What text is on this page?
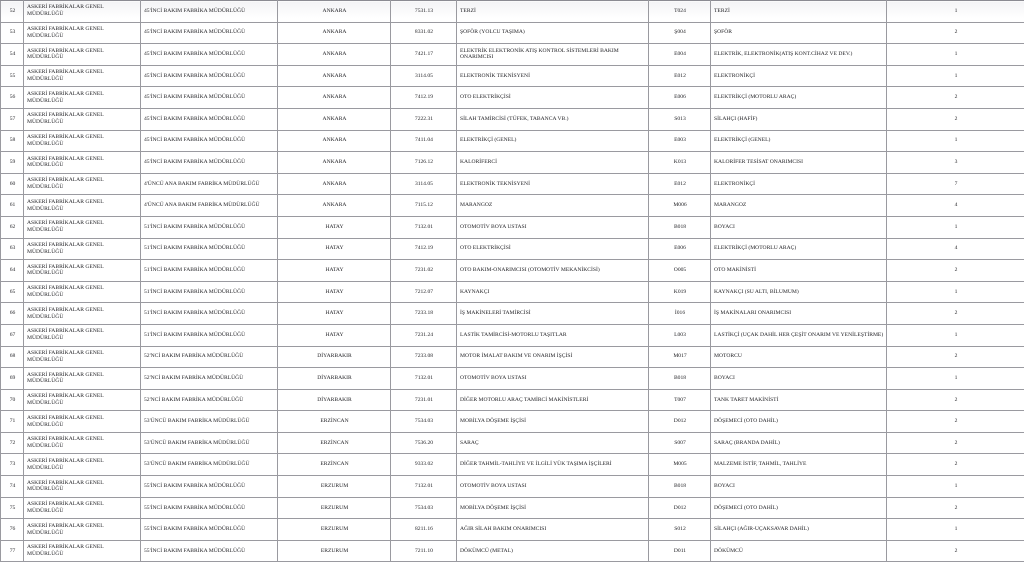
52	ASKERİ FABRİKALAR GENEL MÜDÜRLÜĞÜ	45'İNCİ BAKIM FABRİKA MÜDÜRLÜĞÜ	ANKARA	7531.13	TERZİ	T024	TERZİ	1
53	ASKERİ FABRİKALAR GENEL MÜDÜRLÜĞÜ	45'İNCİ BAKIM FABRİKA MÜDÜRLÜĞÜ	ANKARA	8331.02	ŞOFÖR (YOLCU TAŞIMA)	Ş004	ŞOFÖR	2
54	ASKERİ FABRİKALAR GENEL MÜDÜRLÜĞÜ	45'İNCİ BAKIM FABRİKA MÜDÜRLÜĞÜ	ANKARA	7421.17	ELEKTRİK ELEKTRONİK ATIŞ KONTROL SİSTEMLERİ BAKIM ONARIMCISI	E004	ELEKTRİK, ELEKTRONİK(ATIŞ KONT.CİHAZ VE DEV.)	1
55	ASKERİ FABRİKALAR GENEL MÜDÜRLÜĞÜ	45'İNCİ BAKIM FABRİKA MÜDÜRLÜĞÜ	ANKARA	3114.05	ELEKTRONİK TEKNİSYENİ	E012	ELEKTRONİKÇİ	1
56	ASKERİ FABRİKALAR GENEL MÜDÜRLÜĞÜ	45'İNCİ BAKIM FABRİKA MÜDÜRLÜĞÜ	ANKARA	7412.19	OTO ELEKTRİKÇİSİ	E006	ELEKTRİKÇİ (MOTORLU ARAÇ)	2
57	ASKERİ FABRİKALAR GENEL MÜDÜRLÜĞÜ	45'İNCİ BAKIM FABRİKA MÜDÜRLÜĞÜ	ANKARA	7222.31	SİLAH TAMİRCİSİ (TÜFEK, TABANCA VB.)	S013	SİLAHÇI (HAFİF)	2
58	ASKERİ FABRİKALAR GENEL MÜDÜRLÜĞÜ	45'İNCİ BAKIM FABRİKA MÜDÜRLÜĞÜ	ANKARA	7411.04	ELEKTRİKÇİ (GENEL)	E003	ELEKTRİKÇİ (GENEL)	1
59	ASKERİ FABRİKALAR GENEL MÜDÜRLÜĞÜ	45'İNCİ BAKIM FABRİKA MÜDÜRLÜĞÜ	ANKARA	7126.12	KALORİFERCİ	K013	KALORİFER TESİSAT ONARIMCISI	3
60	ASKERİ FABRİKALAR GENEL MÜDÜRLÜĞÜ	4'ÜNCÜ ANA BAKIM FABRİKA MÜDÜRLÜĞÜ	ANKARA	3114.05	ELEKTRONİK TEKNİSYENİ	E012	ELEKTRONİKÇİ	7
61	ASKERİ FABRİKALAR GENEL MÜDÜRLÜĞÜ	4'ÜNCÜ ANA BAKIM FABRİKA MÜDÜRLÜĞÜ	ANKARA	7115.12	MARANGOZ	M006	MARANGOZ	4
62	ASKERİ FABRİKALAR GENEL MÜDÜRLÜĞÜ	51'İNCİ BAKIM FABRİKA MÜDÜRLÜĞÜ	HATAY	7132.01	OTOMOTİV BOYA USTASI	B018	BOYACI	1
63	ASKERİ FABRİKALAR GENEL MÜDÜRLÜĞÜ	51'İNCİ BAKIM FABRİKA MÜDÜRLÜĞÜ	HATAY	7412.19	OTO ELEKTRİKÇİSİ	E006	ELEKTRİKÇİ (MOTORLU ARAÇ)	4
64	ASKERİ FABRİKALAR GENEL MÜDÜRLÜĞÜ	51'İNCİ BAKIM FABRİKA MÜDÜRLÜĞÜ	HATAY	7231.02	OTO BAKIM-ONARIMCISI (OTOMOTİV MEKANİKCİSİ)	O005	OTO MAKİNİSTİ	2
65	ASKERİ FABRİKALAR GENEL MÜDÜRLÜĞÜ	51'İNCİ BAKIM FABRİKA MÜDÜRLÜĞÜ	HATAY	7212.07	KAYNAKÇI	K019	KAYNAKÇI (SU ALTI, BİLUMUM)	1
66	ASKERİ FABRİKALAR GENEL MÜDÜRLÜĞÜ	51'İNCİ BAKIM FABRİKA MÜDÜRLÜĞÜ	HATAY	7233.18	İŞ MAKİNELERİ TAMİRCİSİ	İ016	İŞ MAKİNALARI ONARIMCISI	2
67	ASKERİ FABRİKALAR GENEL MÜDÜRLÜĞÜ	51'İNCİ BAKIM FABRİKA MÜDÜRLÜĞÜ	HATAY	7231.24	LASTİK TAMİRCİSİ-MOTORLU TAŞITLAR	L003	LASTİKÇİ (UÇAK DAHİL HER ÇEŞİT ONARIM VE YENİLEŞTİRME)	1
68	ASKERİ FABRİKALAR GENEL MÜDÜRLÜĞÜ	52'NCİ BAKIM FABRİKA MÜDÜRLÜĞÜ	DİYARBAKIR	7233.08	MOTOR İMALAT BAKIM VE ONARIM İŞÇİSİ	M017	MOTORCU	2
69	ASKERİ FABRİKALAR GENEL MÜDÜRLÜĞÜ	52'NCİ BAKIM FABRİKA MÜDÜRLÜĞÜ	DİYARBAKIR	7132.01	OTOMOTİV BOYA USTASI	B018	BOYACI	1
70	ASKERİ FABRİKALAR GENEL MÜDÜRLÜĞÜ	52'NCİ BAKIM FABRİKA MÜDÜRLÜĞÜ	DİYARBAKIR	7231.01	DİĞER MOTORLU ARAÇ TAMİRCİ MAKİNİSTLERİ	T007	TANK TARET MAKİNİSTİ	2
71	ASKERİ FABRİKALAR GENEL MÜDÜRLÜĞÜ	53'ÜNCÜ BAKIM FABRİKA MÜDÜRLÜĞÜ	ERZİNCAN	7534.03	MOBİLYA DÖŞEME İŞÇİSİ	D012	DÖŞEMECİ (OTO DAHİL)	2
72	ASKERİ FABRİKALAR GENEL MÜDÜRLÜĞÜ	53'ÜNCÜ BAKIM FABRİKA MÜDÜRLÜĞÜ	ERZİNCAN	7536.20	SARAÇ	S007	SARAÇ (BRANDA DAHİL)	2
73	ASKERİ FABRİKALAR GENEL MÜDÜRLÜĞÜ	53'ÜNCÜ BAKIM FABRİKA MÜDÜRLÜĞÜ	ERZİNCAN	9333.02	DİĞER TAHMİL-TAHLİYE VE İLGİLİ YÜK TAŞIMA İŞÇİLERİ	M005	MALZEME İSTİF, TAHMİL, TAHLİYE	2
74	ASKERİ FABRİKALAR GENEL MÜDÜRLÜĞÜ	55'İNCİ BAKIM FABRİKA MÜDÜRLÜĞÜ	ERZURUM	7132.01	OTOMOTİV BOYA USTASI	B018	BOYACI	1
75	ASKERİ FABRİKALAR GENEL MÜDÜRLÜĞÜ	55'İNCİ BAKIM FABRİKA MÜDÜRLÜĞÜ	ERZURUM	7534.03	MOBİLYA DÖŞEME İŞÇİSİ	D012	DÖŞEMECİ (OTO DAHİL)	2
76	ASKERİ FABRİKALAR GENEL MÜDÜRLÜĞÜ	55'İNCİ BAKIM FABRİKA MÜDÜRLÜĞÜ	ERZURUM	8211.16	AĞIR SİLAH BAKIM ONARIMCISI	S012	SİLAHÇI (AĞIR-UÇAKSAVAR DAHİL)	1
77	ASKERİ FABRİKALAR GENEL MÜDÜRLÜĞÜ	55'İNCİ BAKIM FABRİKA MÜDÜRLÜĞÜ	ERZURUM	7211.10	DÖKÜMCÜ (METAL)	D011	DÖKÜMCÜ	2
